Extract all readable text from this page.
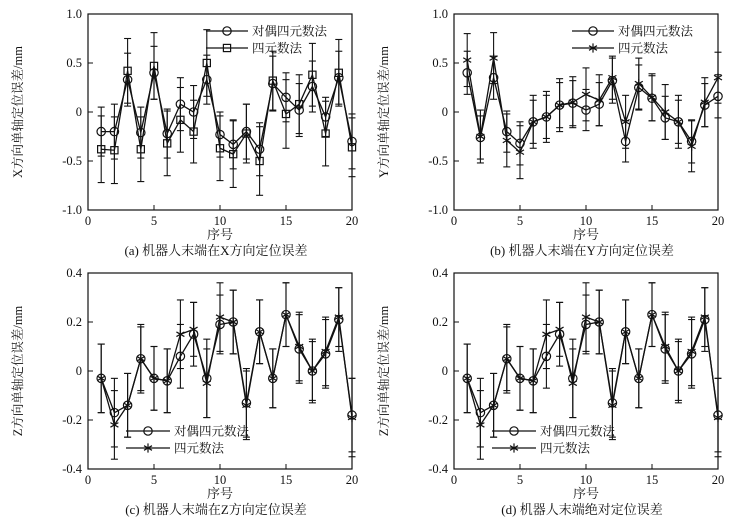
0	5	10	15	20
-1.0
-0.5
0
0.5
1.0
对偶四元数法
四元数法
X方向单轴定位误差/mm
序号
(a) 机器人末端在X方向定位误差
0	5	10	15	20
-1.0
-0.5
0
0.5
1.0
对偶四元数法
四元数法
Y方向单轴定位误差/mm
序号
(b) 机器人末端在Y方向定位误差
0	5	10	15	20
-0.4
-0.2
0
0.2
0.4
对偶四元数法
四元数法
Z方向单轴定位误差/mm
序号
(c) 机器人末端在Z方向定位误差
0	5	10	15	20
-0.4
-0.2
0
0.2
0.4
对偶四元数法
四元数法
Z方向单轴定位误差/mm
序号
(d) 机器人末端绝对定位误差
